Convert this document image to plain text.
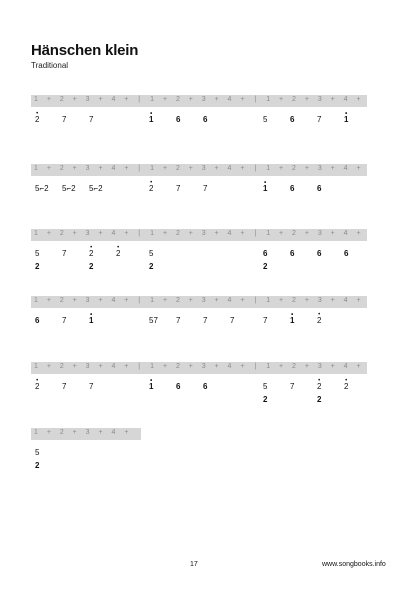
Hänschen klein
Traditional
1 + 2 + 3 + 4 + | 1 + 2 + 3 + 4 + | 1 + 2 + 3 + 4 +
• 2	7	7	• 1	6	6	5	6	7	• 1
1 + 2 + 3 + 4 + | 1 + 2 + 3 + 4 + | 1 + 2 + 3 + 4 +
5⌐2 5⌐2 5⌐2	• 2	7	7	• 1	6	6
1 + 2 + 3 + 4 + | 1 + 2 + 3 + 4 + | 1 + 2 + 3 + 4 +
5	7	• 2	• 2	5	6	6	6	6
2	2	2	2
1 + 2 + 3 + 4 + | 1 + 2 + 3 + 4 + | 1 + 2 + 3 + 4 +
6	7	• 1	57 7	7	7	7	• 1	• 2
1 + 2 + 3 + 4 + | 1 + 2 + 3 + 4 + | 1 + 2 + 3 + 4 +
• 2	7	7	• 1	6	6	5	7	• 2	• 2
2	2
1 + 2 + 3 + 4 +
5
2
17	www.songbooks.info
